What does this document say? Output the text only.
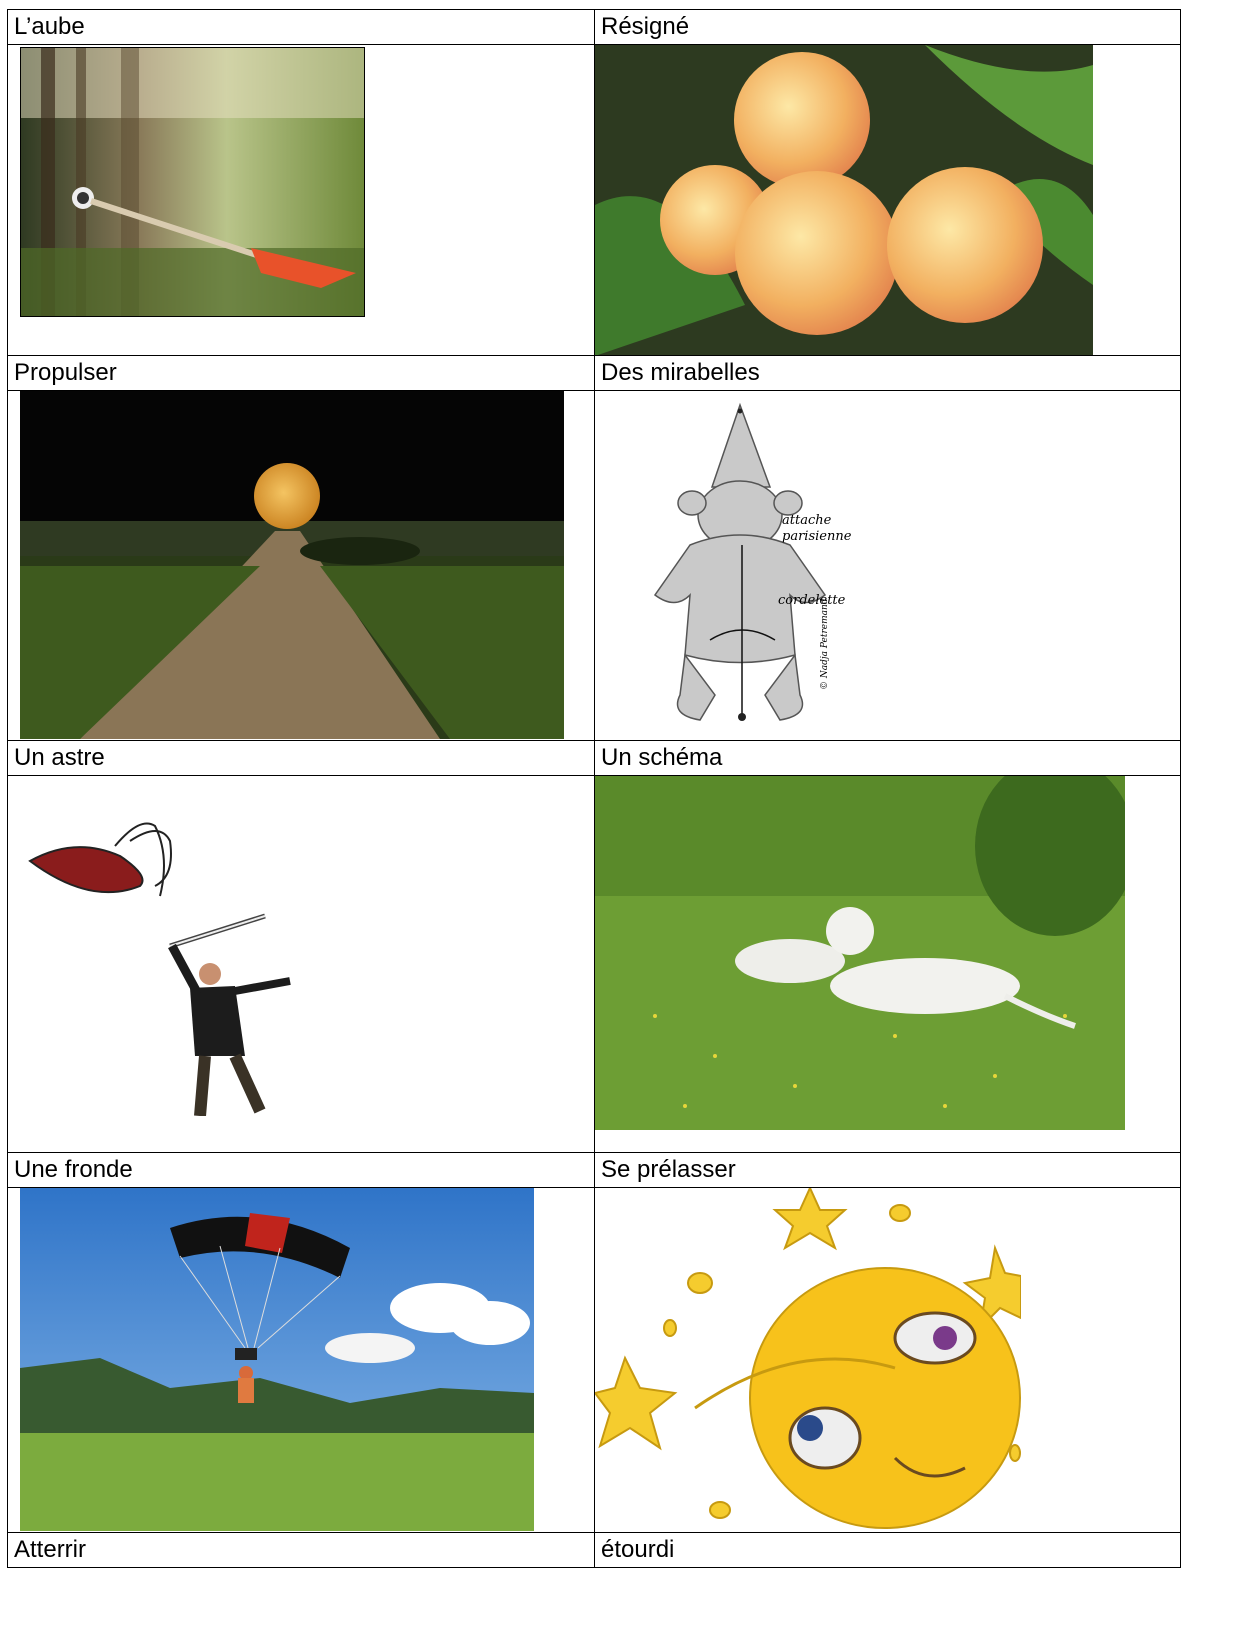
L’aube	Résigné

Propulser	Des mirabelles

attache
parisienne
cordelette
© Nadja Petremand

Un astre	Un schéma

Une fronde	Se prélasser

Atterrir	étourdi
